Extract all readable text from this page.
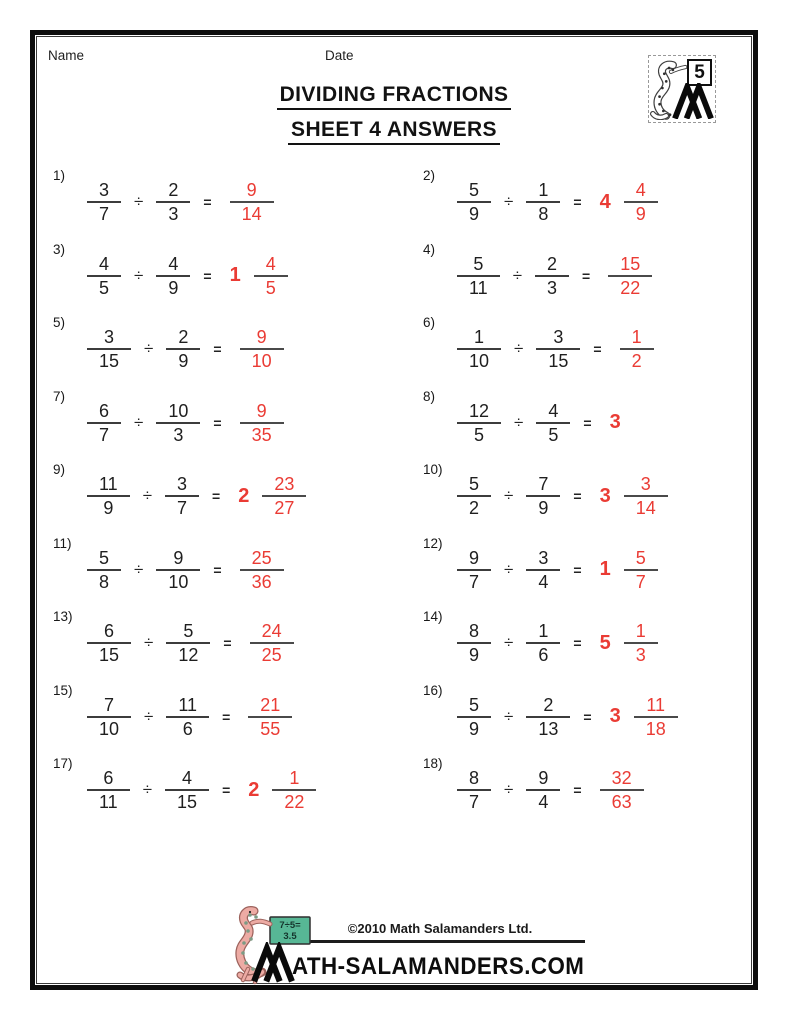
Name	Date
DIVIDING FRACTIONS
SHEET 4 ANSWERS
5
1)
$\frac{3}{7} \div \frac{2}{3} = \frac{9}{14}$
2)
$\frac{5}{9} \div \frac{1}{8} = 4 \frac{4}{9}$
3)
$\frac{4}{5} \div \frac{4}{9} = 1 \frac{4}{5}$
4)
$\frac{5}{11} \div \frac{2}{3} = \frac{15}{22}$
5)
$\frac{3}{15} \div \frac{2}{9} = \frac{9}{10}$
6)
$\frac{1}{10} \div \frac{3}{15} = \frac{1}{2}$
7)
$\frac{6}{7} \div \frac{10}{3} = \frac{9}{35}$
8)
$\frac{12}{5} \div \frac{4}{5} = 3$
9)
$\frac{11}{9} \div \frac{3}{7} = 2 \frac{23}{27}$
10)
$\frac{5}{2} \div \frac{7}{9} = 3 \frac{3}{14}$
11)
$\frac{5}{8} \div \frac{9}{10} = \frac{25}{36}$
12)
$\frac{9}{7} \div \frac{3}{4} = 1 \frac{5}{7}$
13)
$\frac{6}{15} \div \frac{5}{12} = \frac{24}{25}$
14)
$\frac{8}{9} \div \frac{1}{6} = 5 \frac{1}{3}$
15)
$\frac{7}{10} \div \frac{11}{6} = \frac{21}{55}$
16)
$\frac{5}{9} \div \frac{2}{13} = 3 \frac{11}{18}$
17)
$\frac{6}{11} \div \frac{4}{15} = 2 \frac{1}{22}$
18)
$\frac{8}{7} \div \frac{9}{4} = \frac{32}{63}$
©2010 Math Salamanders Ltd.
7÷5=
3.5
ATH-SALAMANDERS.COM
